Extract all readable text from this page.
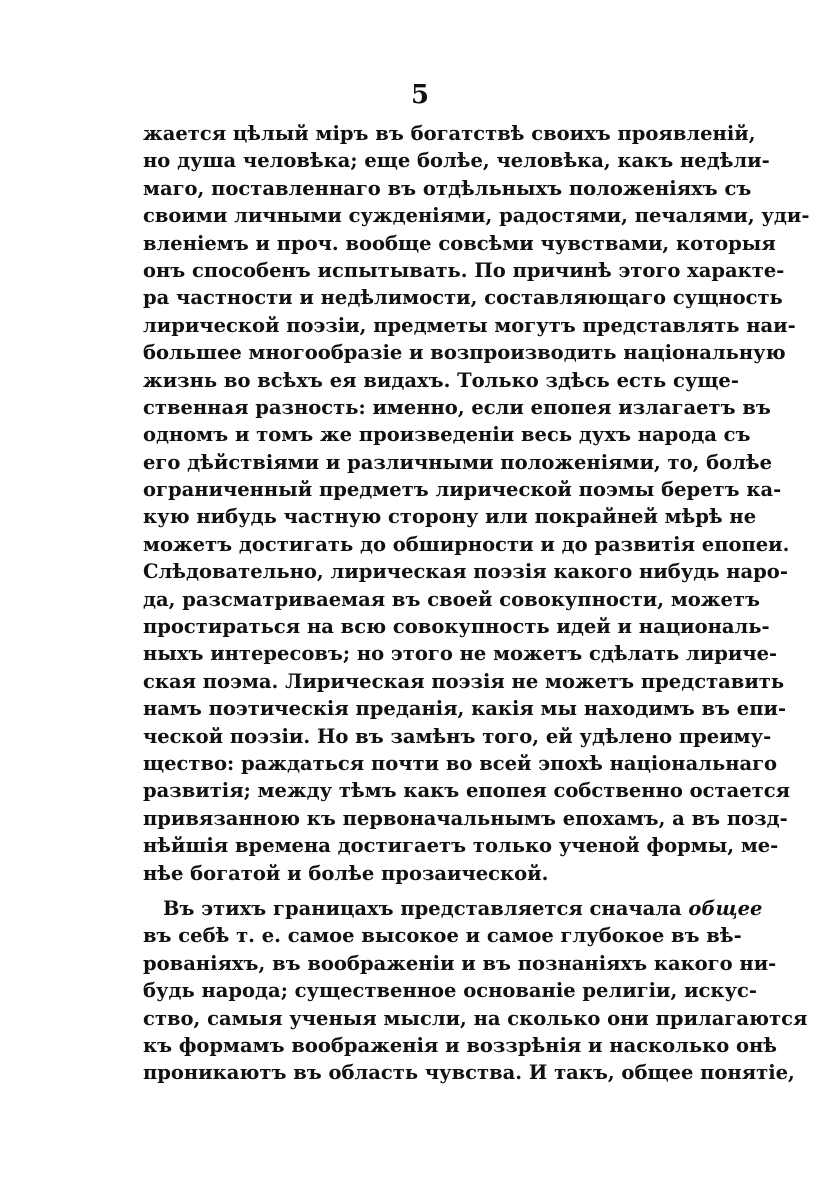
5
жается цѣлый міръ въ богатствѣ своихъ проявленій,
но душа человѣка; еще болѣе, человѣка, какъ недѣли-
маго, поставленнаго въ отдѣльныхъ положеніяхъ съ
своими личными сужденіями, радостями, печалями, уди-
вленіемъ и проч. вообще совсѣми чувствами, которыя
онъ способенъ испытывать. По причинѣ этого характе-
ра частности и недѣлимости, составляющаго сущность
лирической поэзіи, предметы могутъ представлять наи-
большее многообразіе и возпроизводить національную
жизнь во всѣхъ ея видахъ. Только здѣсь есть суще-
ственная разность: именно, если епопея излагаетъ въ
одномъ и томъ же произведеніи весь духъ народа съ
его дѣйствіями и различными положеніями, то, болѣе
ограниченный предметъ лирической поэмы беретъ ка-
кую нибудь частную сторону или покрайней мѣрѣ не
можетъ достигать до обширности и до развитія епопеи.
Слѣдовательно, лирическая поэзія какого нибудь наро-
да, разсматриваемая въ своей совокупности, можетъ
простираться на всю совокупность идей и националь-
ныхъ интересовъ; но этого не можетъ сдѣлать лириче-
ская поэма. Лирическая поэзія не можетъ представить
намъ поэтическія преданія, какія мы находимъ въ епи-
ческой поэзіи. Но въ замѣнъ того, ей удѣлено преиму-
щество: раждаться почти во всей эпохѣ національнаго
развитія; между тѣмъ какъ епопея собственно остается
привязанною къ первоначальнымъ епохамъ, а въ позд-
нѣйшія времена достигаетъ только ученой формы, ме-
нѣе богатой и болѣе прозаической.
Въ этихъ границахъ представляется сначала общее
въ себѣ т. е. самое высокое и самое глубокое въ вѣ-
рованіяхъ, въ воображеніи и въ познаніяхъ какого ни-
будь народа; существенное основаніе религіи, искус-
ство, самыя ученыя мысли, на сколько они прилагаются
къ формамъ воображенія и воззрѣнія и насколько онѣ
проникаютъ въ область чувства. И такъ, общее понятіе,
